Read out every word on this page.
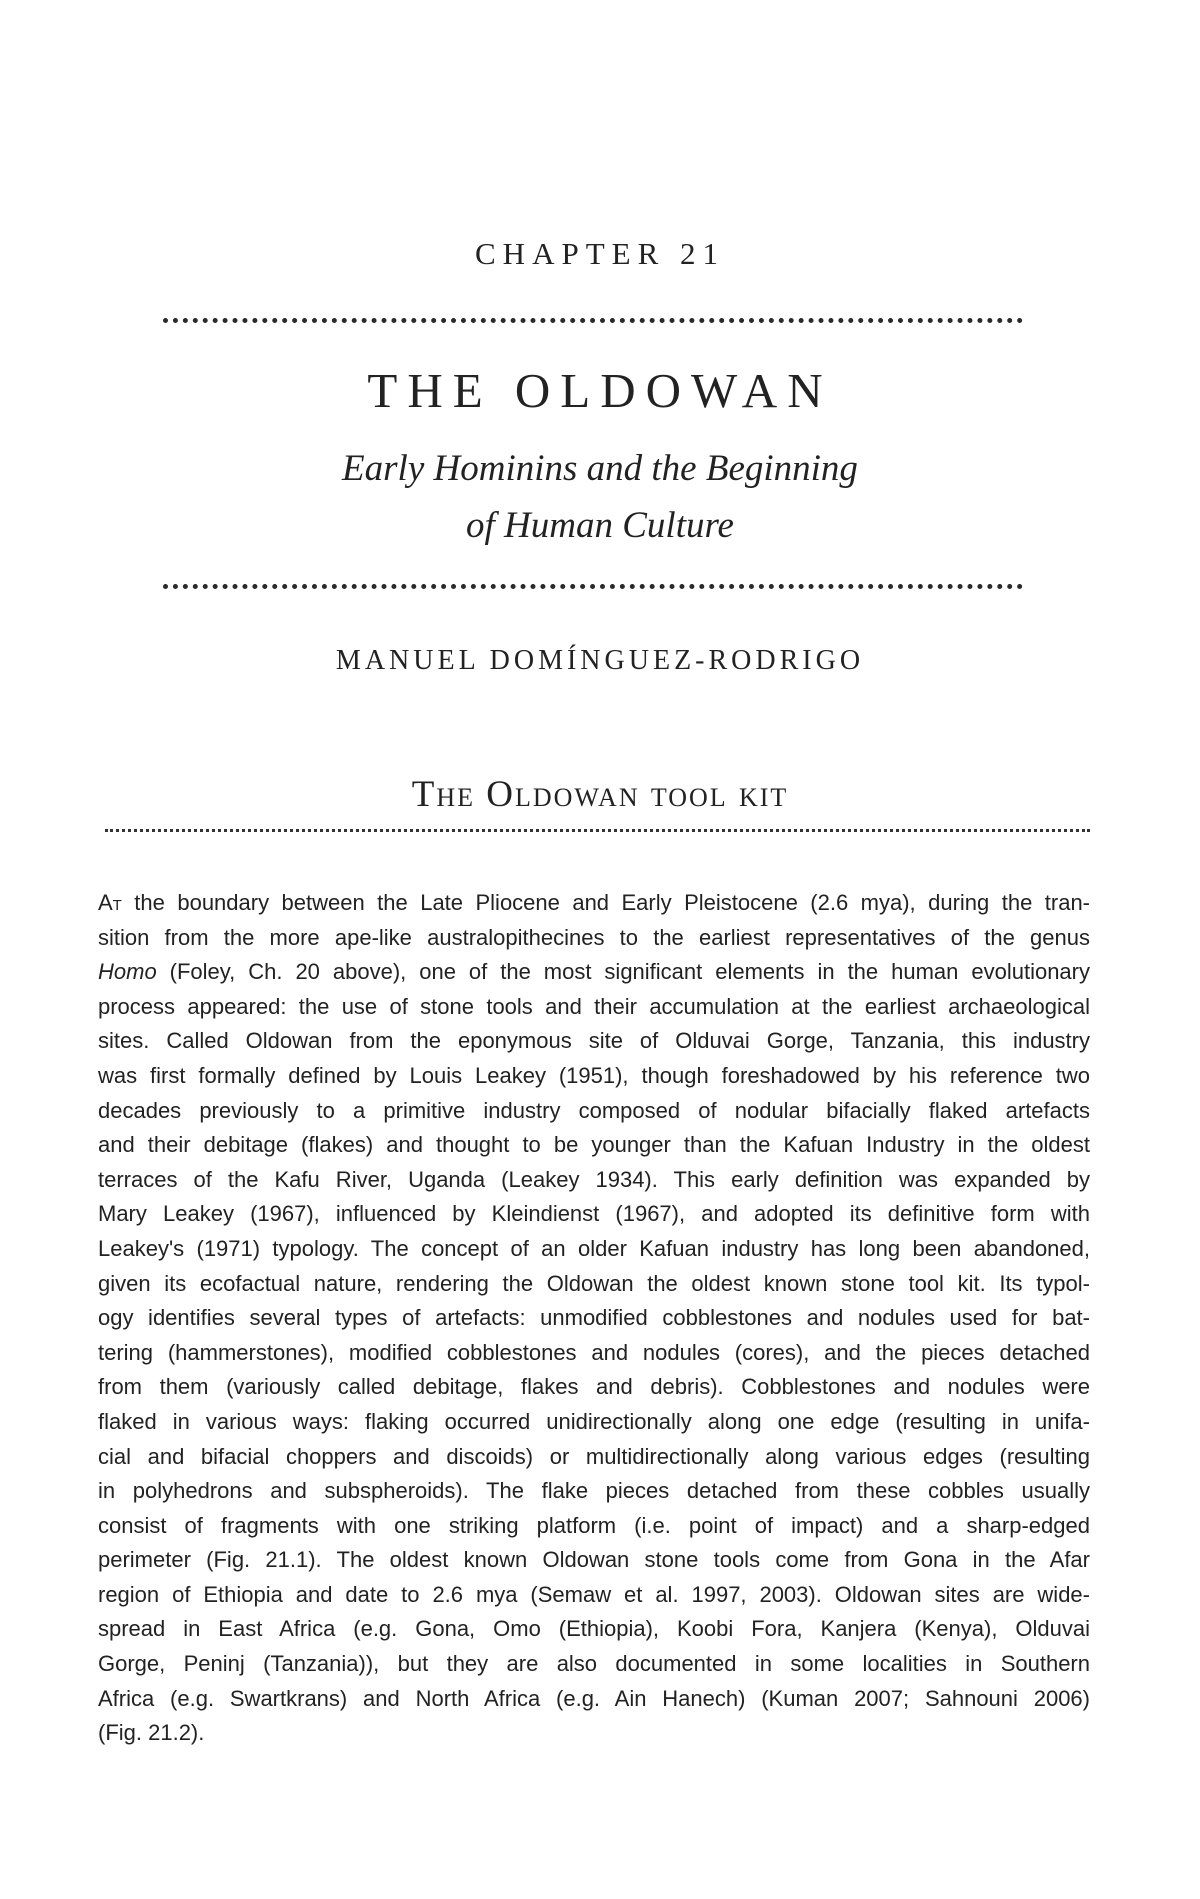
CHAPTER 21
THE OLDOWAN
Early Hominins and the Beginning
of Human Culture
MANUEL DOMÍNGUEZ-RODRIGO
The Oldowan tool kit
At the boundary between the Late Pliocene and Early Pleistocene (2.6 mya), during the tran-
sition from the more ape-like australopithecines to the earliest representatives of the genus
Homo (Foley, Ch. 20 above), one of the most significant elements in the human evolutionary
process appeared: the use of stone tools and their accumulation at the earliest archaeological
sites. Called Oldowan from the eponymous site of Olduvai Gorge, Tanzania, this industry
was first formally defined by Louis Leakey (1951), though foreshadowed by his reference two
decades previously to a primitive industry composed of nodular bifacially flaked artefacts
and their debitage (flakes) and thought to be younger than the Kafuan Industry in the oldest
terraces of the Kafu River, Uganda (Leakey 1934). This early definition was expanded by
Mary Leakey (1967), influenced by Kleindienst (1967), and adopted its definitive form with
Leakey's (1971) typology. The concept of an older Kafuan industry has long been abandoned,
given its ecofactual nature, rendering the Oldowan the oldest known stone tool kit. Its typol-
ogy identifies several types of artefacts: unmodified cobblestones and nodules used for bat-
tering (hammerstones), modified cobblestones and nodules (cores), and the pieces detached
from them (variously called debitage, flakes and debris). Cobblestones and nodules were
flaked in various ways: flaking occurred unidirectionally along one edge (resulting in unifa-
cial and bifacial choppers and discoids) or multidirectionally along various edges (resulting
in polyhedrons and subspheroids). The flake pieces detached from these cobbles usually
consist of fragments with one striking platform (i.e. point of impact) and a sharp-edged
perimeter (Fig. 21.1). The oldest known Oldowan stone tools come from Gona in the Afar
region of Ethiopia and date to 2.6 mya (Semaw et al. 1997, 2003). Oldowan sites are wide-
spread in East Africa (e.g. Gona, Omo (Ethiopia), Koobi Fora, Kanjera (Kenya), Olduvai
Gorge, Peninj (Tanzania)), but they are also documented in some localities in Southern
Africa (e.g. Swartkrans) and North Africa (e.g. Ain Hanech) (Kuman 2007; Sahnouni 2006)
(Fig. 21.2).
